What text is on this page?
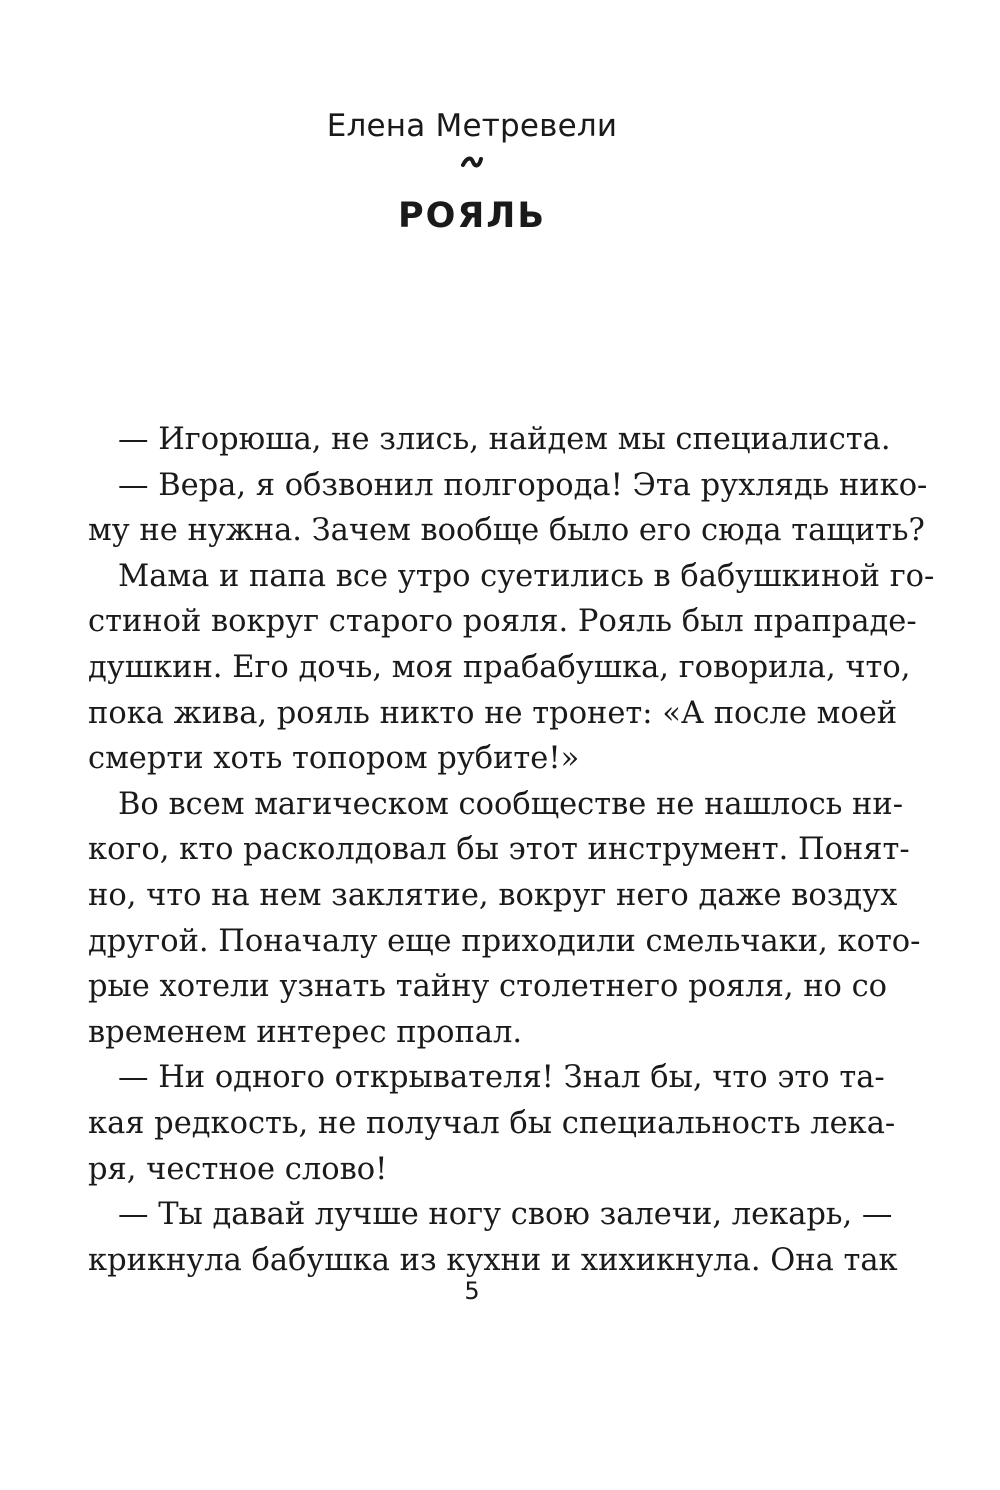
Елена Метревели
РОЯЛЬ
— Игорюша, не злись, найдем мы специалиста.
— Вера, я обзвонил полгорода! Эта рухлядь нико-
му не нужна. Зачем вообще было его сюда тащить?
Мама и папа все утро суетились в бабушкиной го-
стиной вокруг старого рояля. Рояль был прапраде-
душкин. Его дочь, моя прабабушка, говорила, что,
пока жива, рояль никто не тронет: «А после моей
смерти хоть топором рубите!»
Во всем магическом сообществе не нашлось ни-
кого, кто расколдовал бы этот инструмент. Понят-
но, что на нем заклятие, вокруг него даже воздух
другой. Поначалу еще приходили смельчаки, кото-
рые хотели узнать тайну столетнего рояля, но со
временем интерес пропал.
— Ни одного открывателя! Знал бы, что это та-
кая редкость, не получал бы специальность лека-
ря, честное слово!
— Ты давай лучше ногу свою залечи, лекарь, —
крикнула бабушка из кухни и хихикнула. Она так
5
